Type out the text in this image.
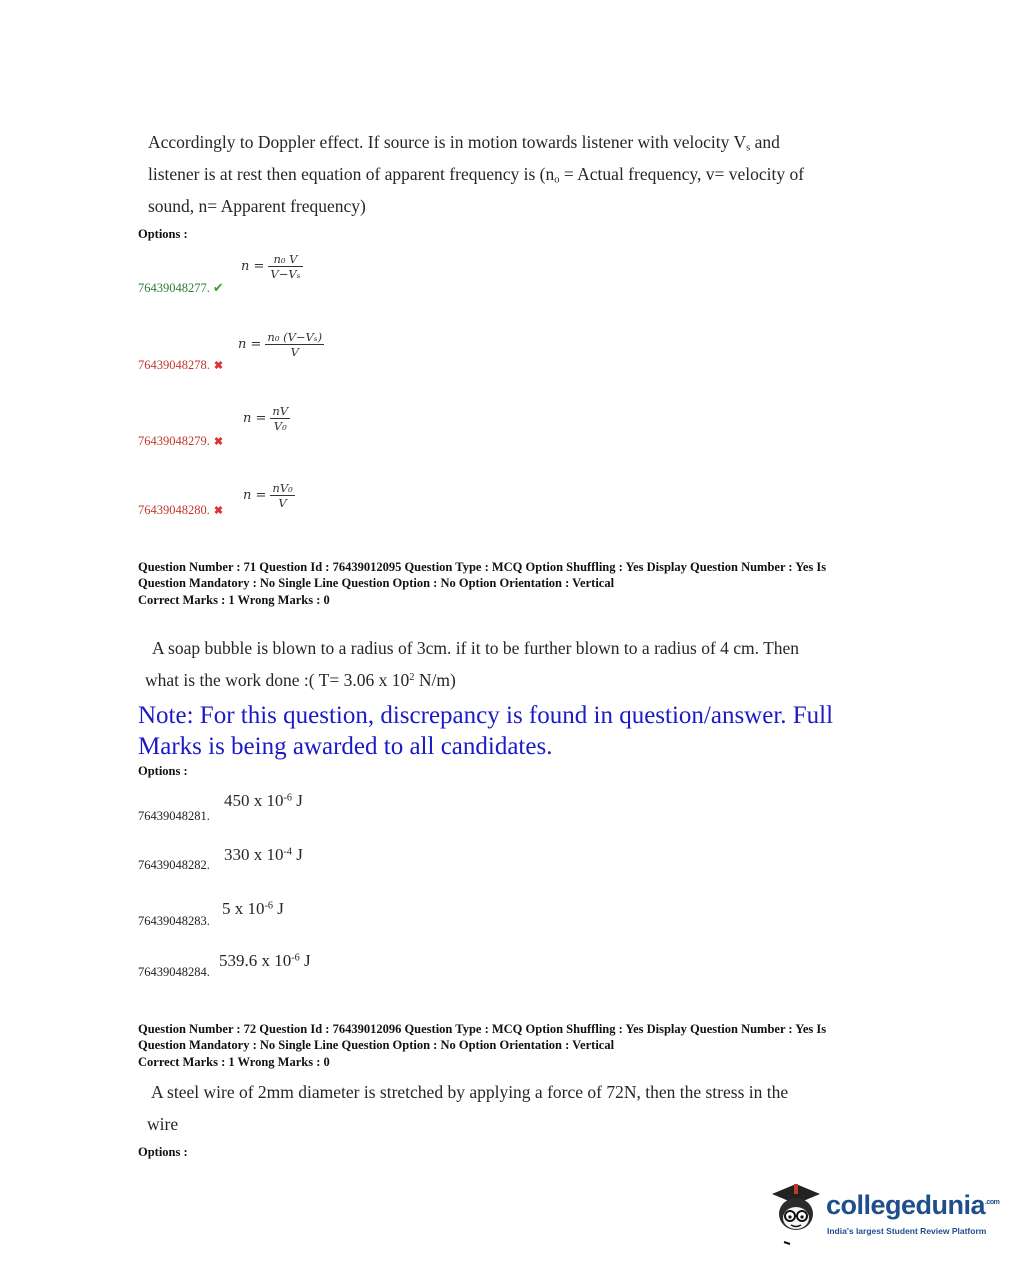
Accordingly to Doppler effect. If source is in motion towards listener with velocity $V_s$ and
listener is at rest then equation of apparent frequency is ($n_o$ = Actual frequency, v= velocity of
sound, n= Apparent frequency)
Options :
$n = \frac{\text{n₀ V}}{\text{V−Vₛ}}$
76439048277. ✔
$n = \frac{\text{n₀ (V−Vₛ)}}{V}$
76439048278. ✖
$n = \frac{nV}{\text{V₀}}$
76439048279. ✖
$n = \frac{\text{nV₀}}{V}$
76439048280. ✖
Question Number : 71 Question Id : 76439012095 Question Type : MCQ Option Shuffling : Yes Display Question Number : Yes Is
Question Mandatory : No Single Line Question Option : No Option Orientation : Vertical
Correct Marks : 1 Wrong Marks : 0
A soap bubble is blown to a radius of 3cm. if it to be further blown to a radius of 4 cm. Then
what is the work done :( T= 3.06 x $10^2$ N/m)
Note: For this question, discrepancy is found in question/answer. Full
Marks is being awarded to all candidates.
Options :
450 x $10^{-6}$ J
76439048281.
330 x $10^{-4}$ J
76439048282.
5 x $10^{-6}$ J
76439048283.
539.6 x $10^{-6}$ J
76439048284.
Question Number : 72 Question Id : 76439012096 Question Type : MCQ Option Shuffling : Yes Display Question Number : Yes Is
Question Mandatory : No Single Line Question Option : No Option Orientation : Vertical
Correct Marks : 1 Wrong Marks : 0
A steel wire of 2mm diameter is stretched by applying a force of 72N, then the stress in the
wire
Options :
collegedunia$^{.com}$
India's largest Student Review Platform
